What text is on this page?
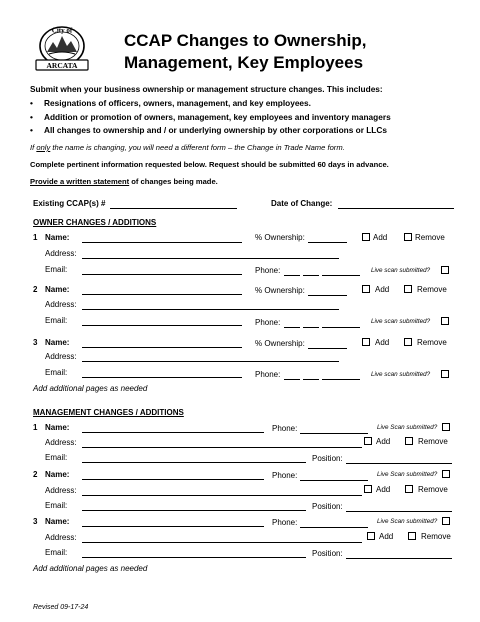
City of
ARCATA
CCAP Changes to Ownership,
Management, Key Employees
Submit when your business ownership or management structure changes. This includes:
• Resignations of officers, owners, management, and key employees.
• Addition or promotion of owners, management, key employees and inventory managers
• All changes to ownership and / or underlying ownership by other corporations or LLCs
If only the name is changing, you will need a different form – the Change in Trade Name form.
Complete pertinent information requested below. Request should be submitted 60 days in advance.
Provide a written statement of changes being made.
Existing CCAP(s) #	Date of Change:
OWNER CHANGES / ADDITIONS
1 Name:	% Ownership:	Add	Remove
Address:
Email:	Phone:	Live scan submitted?
2 Name:	% Ownership:	Add	Remove
Address:
Email:	Phone:	Live scan submitted?
3 Name:	% Ownership:	Add	Remove
Address:
Email:	Phone:	Live scan submitted?
Add additional pages as needed
MANAGEMENT CHANGES / ADDITIONS
1 Name:	Phone:	Live Scan submitted?
Address:	Add	Remove
Email:	Position:
2 Name:	Phone:	Live Scan submitted?
Address:	Add	Remove
Email:	Position:
3 Name:	Phone:	Live Scan submitted?
Address:	Add	Remove
Email:	Position:
Add additional pages as needed
Revised 09-17-24
